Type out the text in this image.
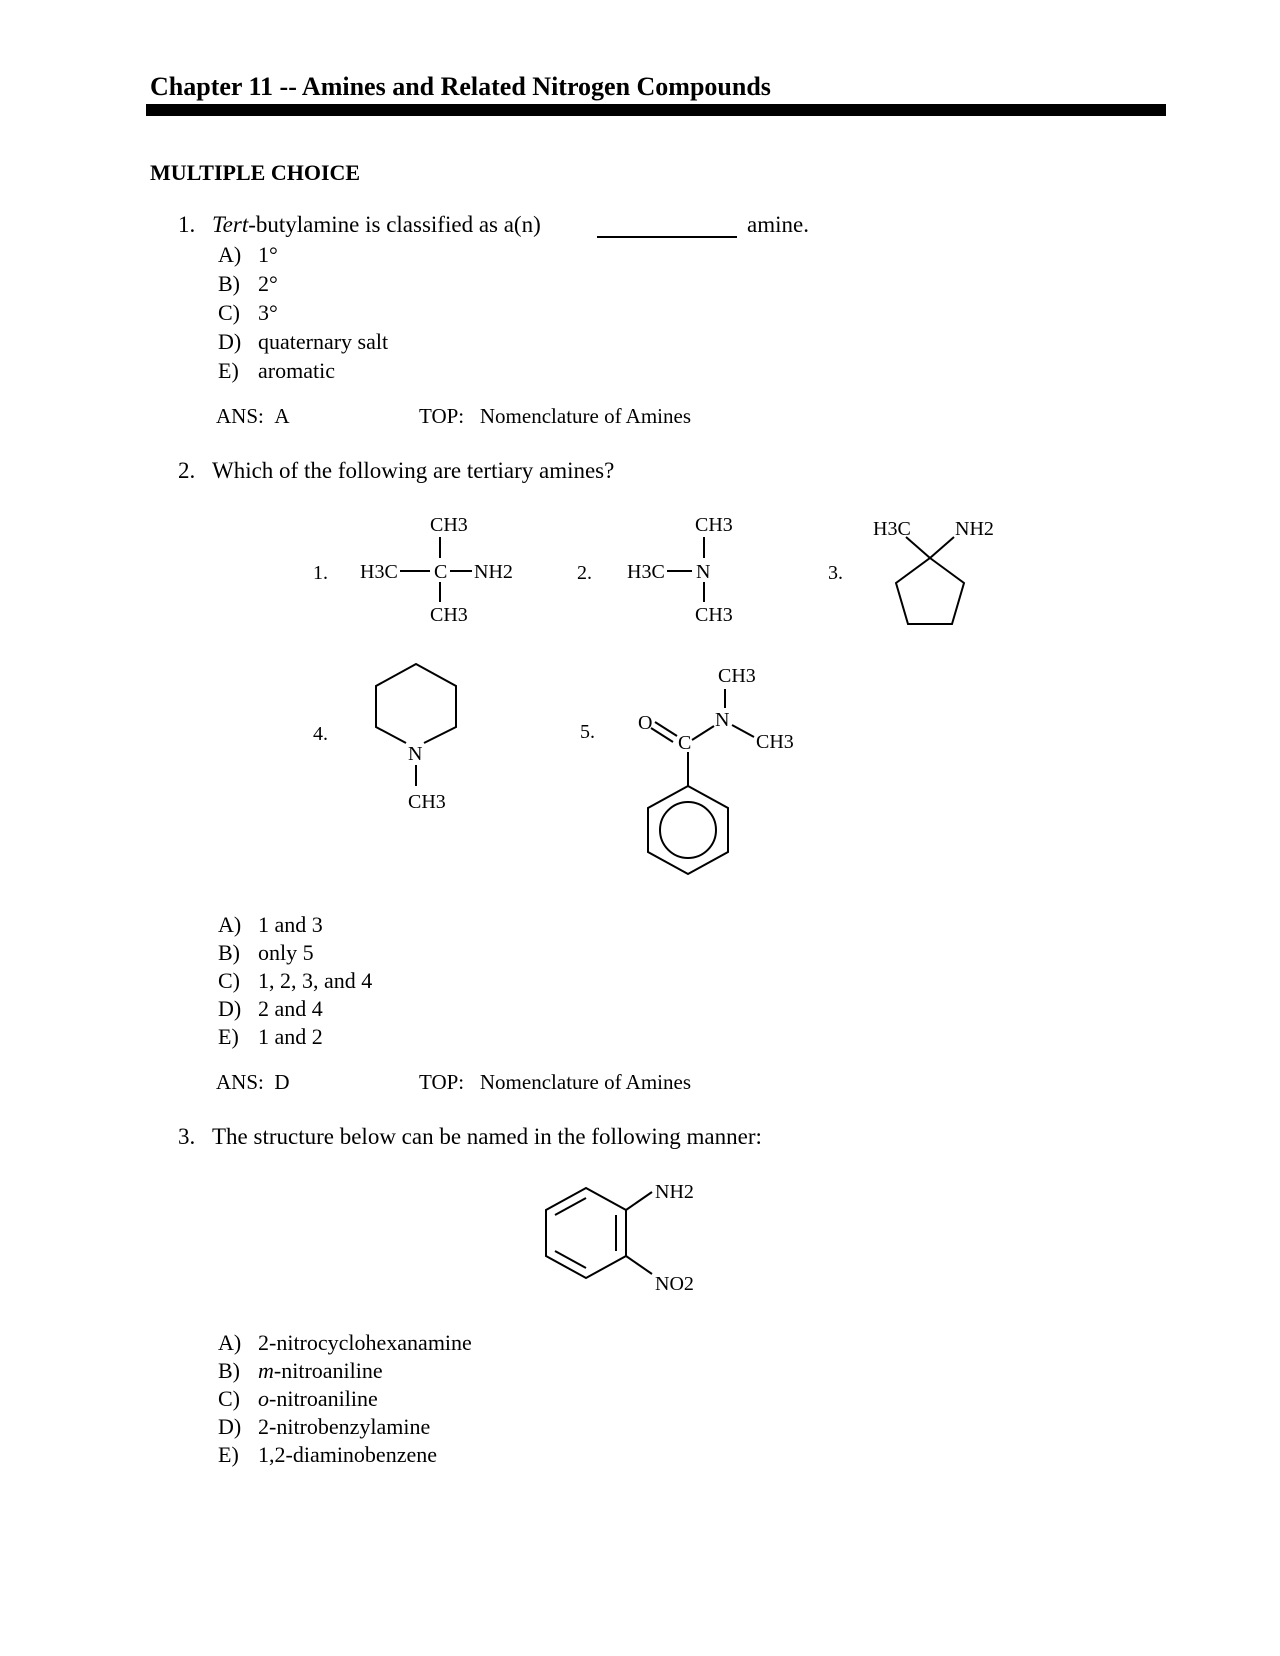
Chapter 11 -- Amines and Related Nitrogen Compounds
MULTIPLE CHOICE
1. Tert-butylamine is classified as a(n)	amine.
A) 1°
B) 2°
C) 3°
D) quaternary salt
E) aromatic
ANS: A	TOP: Nomenclature of Amines
2. Which of the following are tertiary amines?
1.
CH3
H3C C NH2
CH3
2.
CH3
H3C N
CH3
3.
H3C NH2
4.
N
CH3
5.
CH3
N
CH3
O
C
A) 1 and 3
B) only 5
C) 1, 2, 3, and 4
D) 2 and 4
E) 1 and 2
ANS: D	TOP: Nomenclature of Amines
3. The structure below can be named in the following manner:
NH2
NO2
A) 2-nitrocyclohexanamine
B) m-nitroaniline
C) o-nitroaniline
D) 2-nitrobenzylamine
E) 1,2-diaminobenzene
